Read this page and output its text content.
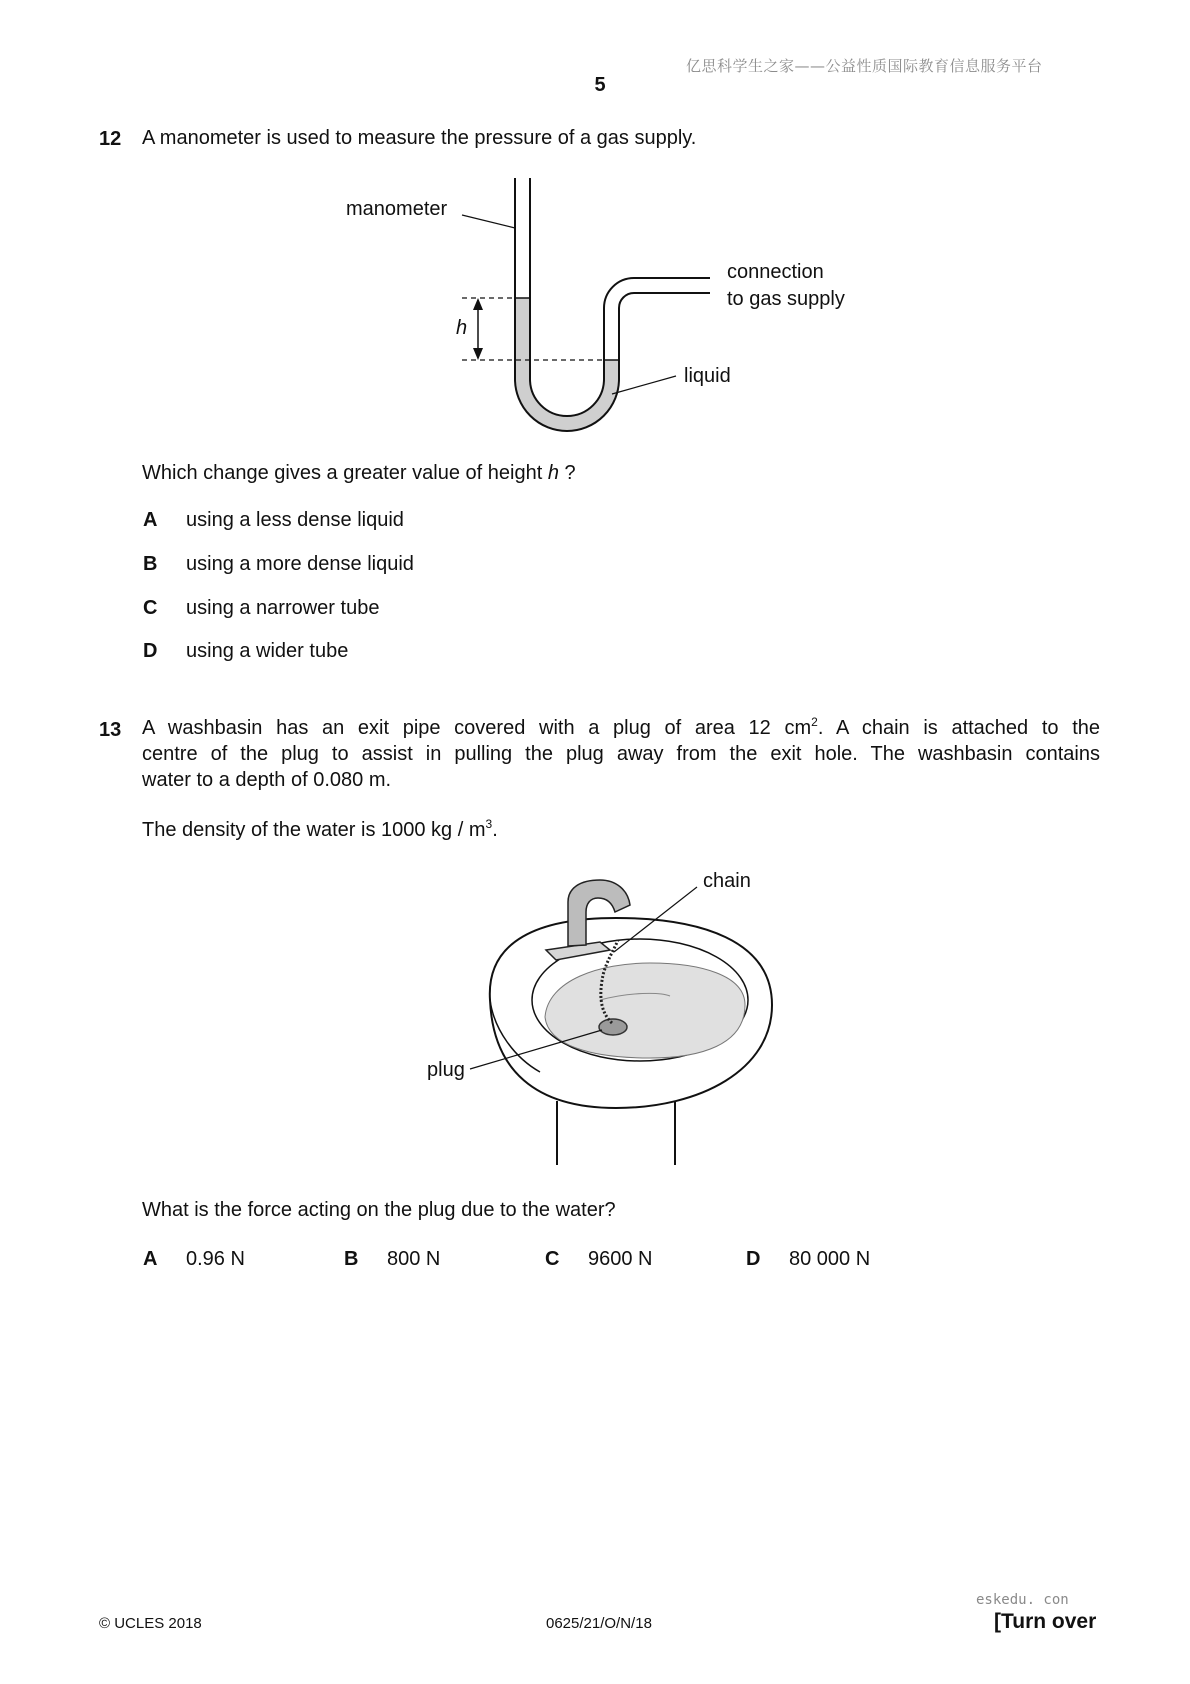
亿思科学生之家——公益性质国际教育信息服务平台
5
12 A manometer is used to measure the pressure of a gas supply.
manometer
connection
to gas supply
h
liquid
Which change gives a greater value of height h ?
A using a less dense liquid
B using a more dense liquid
C using a narrower tube
D using a wider tube
13 A washbasin has an exit pipe covered with a plug of area 12 $cm^2$. A chain is attached to the
centre of the plug to assist in pulling the plug away from the exit hole. The washbasin contains
water to a depth of 0.080 m.
The density of the water is 1000 kg / $m^3$.
chain
plug
What is the force acting on the plug due to the water?
A 0.96 N	B 800 N	C 9600 N	D 80 000 N
eskedu. con
© UCLES 2018	0625/21/O/N/18	[Turn over
